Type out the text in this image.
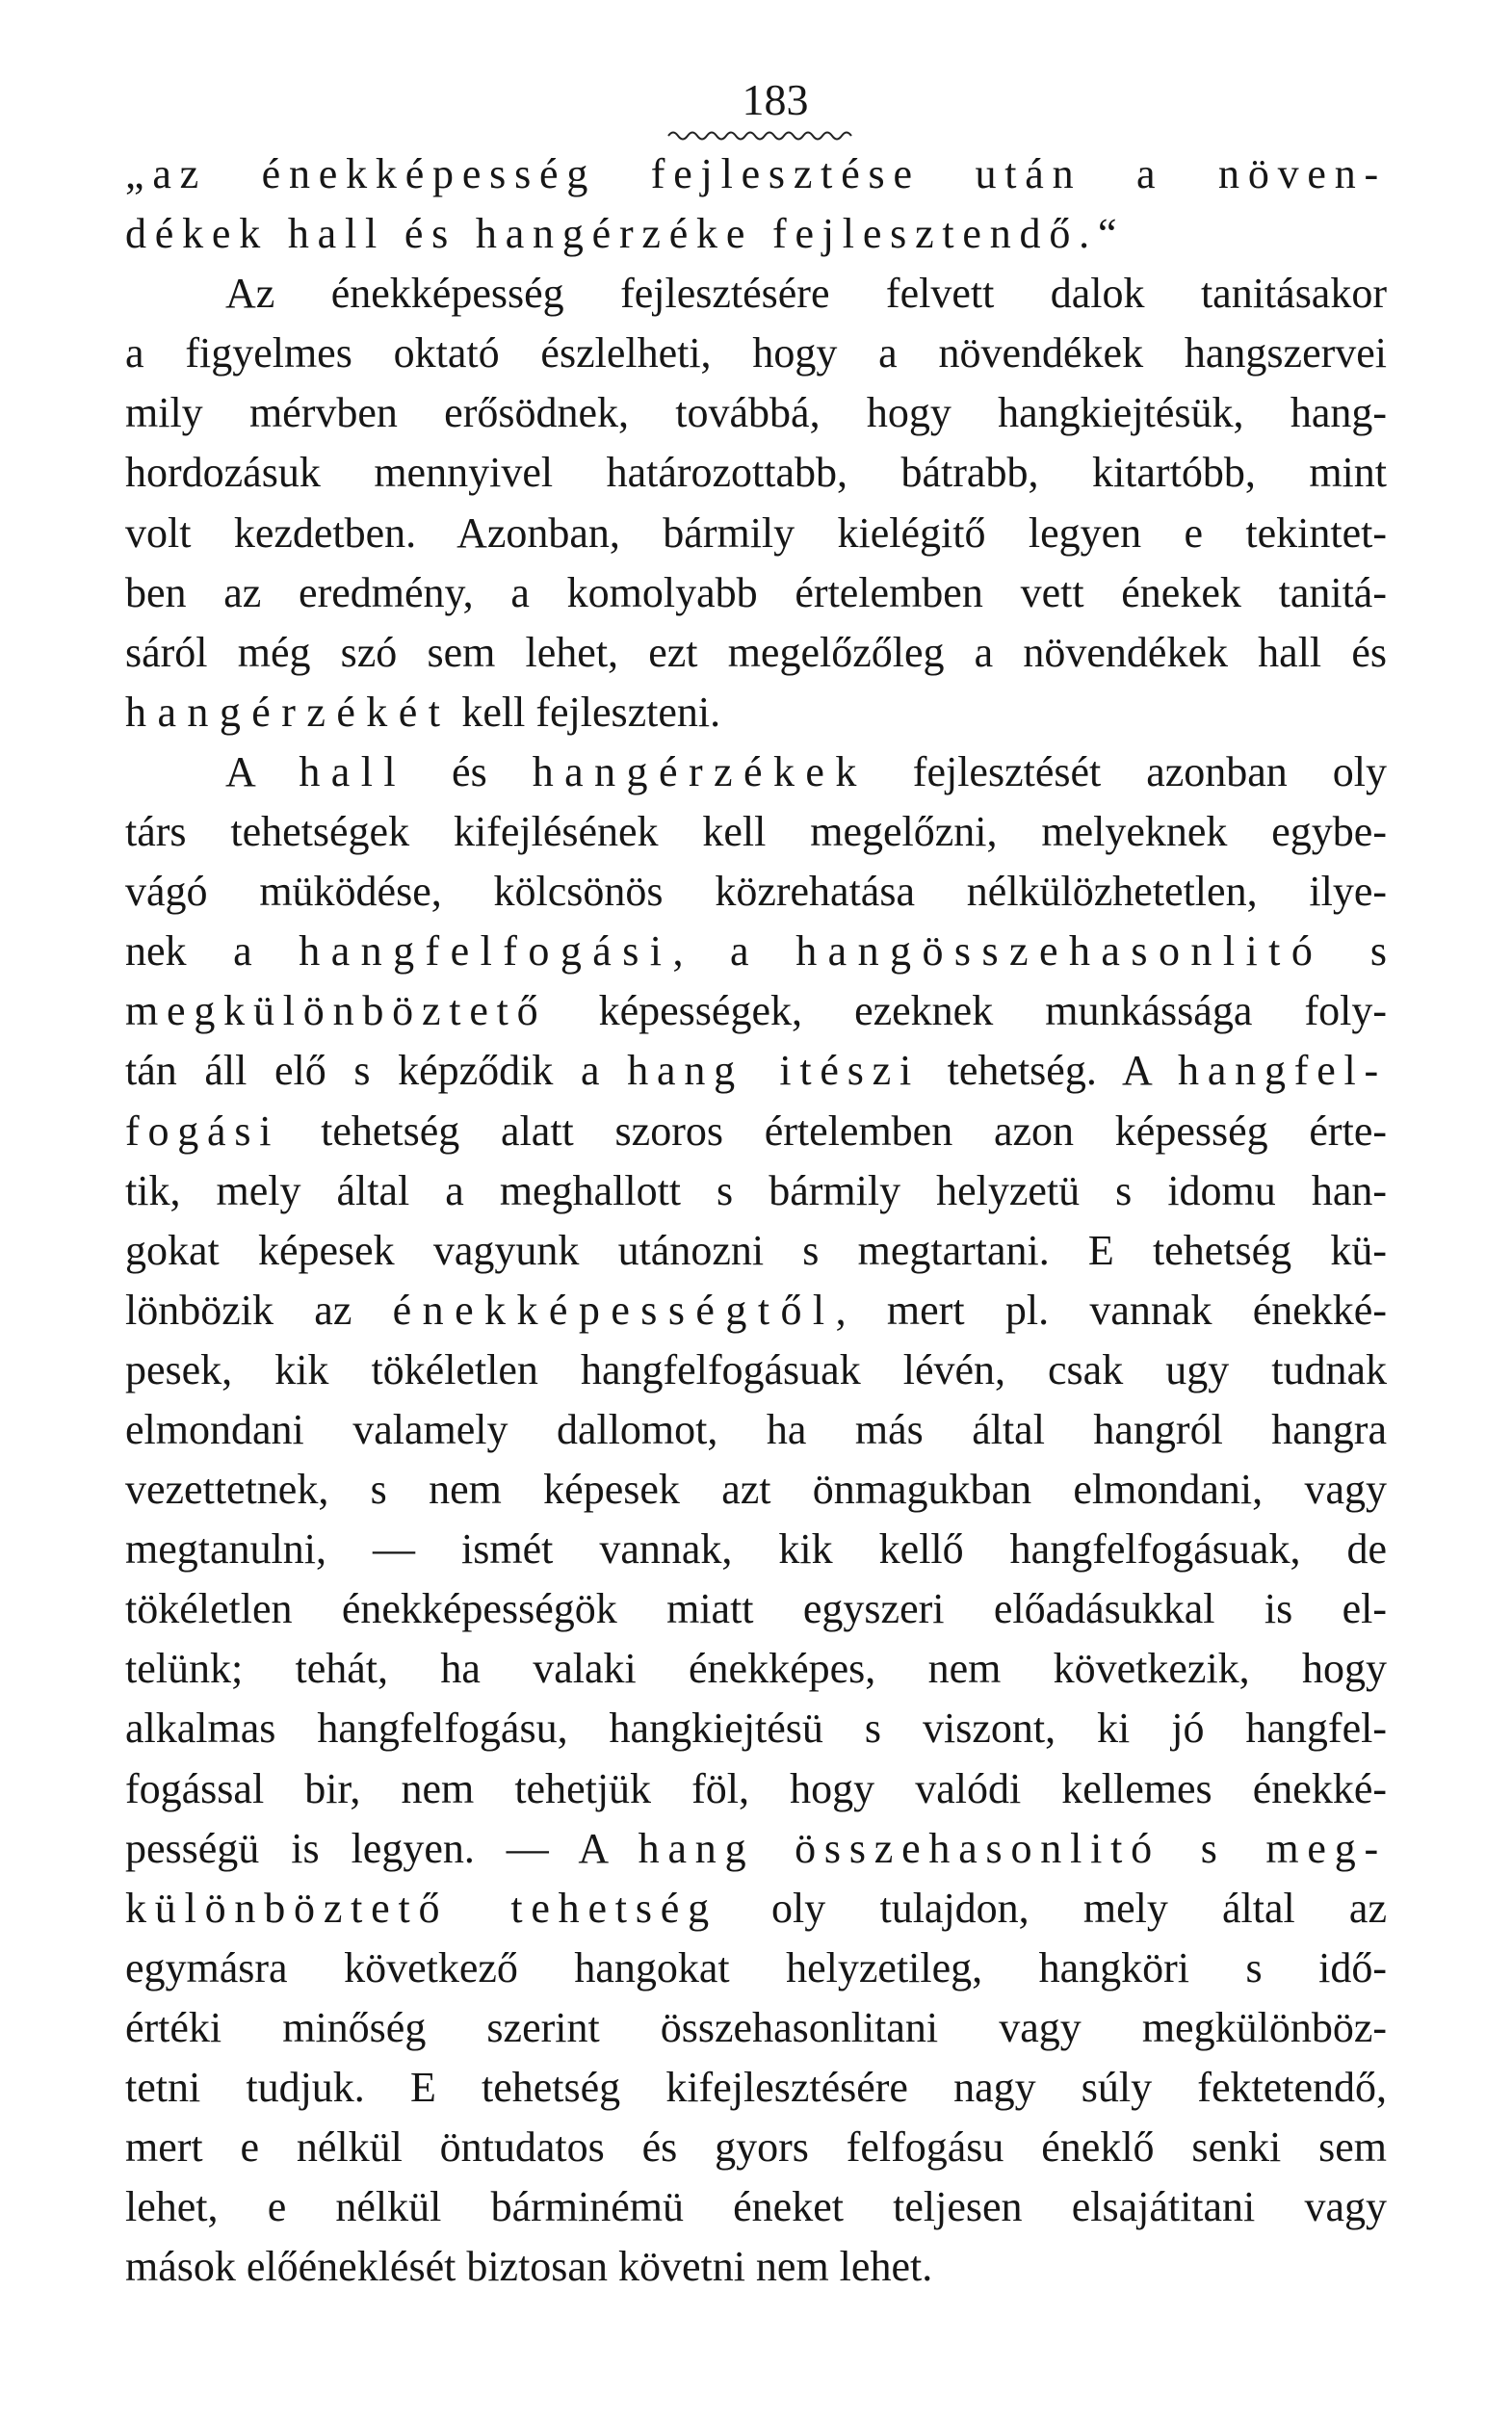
183
„az énekképesség fejlesztése után a növen-
dékek hall és hangérzéke fejlesztendő.“
Az énekképesség fejlesztésére felvett dalok tanitásakor
a figyelmes oktató észlelheti, hogy a növendékek hangszervei
mily mérvben erősödnek, továbbá, hogy hangkiejtésük, hang-
hordozásuk mennyivel határozottabb, bátrabb, kitartóbb, mint
volt kezdetben. Azonban, bármily kielégitő legyen e tekintet-
ben az eredmény, a komolyabb értelemben vett énekek tanitá-
sáról még szó sem lehet, ezt megelőzőleg a növendékek hall és
hangérzékét kell fejleszteni.
A hall és hangérzékek fejlesztését azonban oly
társ tehetségek kifejlésének kell megelőzni, melyeknek egybe-
vágó müködése, kölcsönös közrehatása nélkülözhetetlen, ilye-
nek a hangfelfogási, a hangösszehasonlitó s
megkülönböztető képességek, ezeknek munkássága foly-
tán áll elő s képződik a hang itészi tehetség. A hangfel-
fogási tehetség alatt szoros értelemben azon képesség érte-
tik, mely által a meghallott s bármily helyzetü s idomu han-
gokat képesek vagyunk utánozni s megtartani. E tehetség kü-
lönbözik az énekképességtől, mert pl. vannak énekké-
pesek, kik tökéletlen hangfelfogásuak lévén, csak ugy tudnak
elmondani valamely dallomot, ha más által hangról hangra
vezettetnek, s nem képesek azt önmagukban elmondani, vagy
megtanulni, — ismét vannak, kik kellő hangfelfogásuak, de
tökéletlen énekképességök miatt egyszeri előadásukkal is el-
telünk; tehát, ha valaki énekképes, nem következik, hogy
alkalmas hangfelfogásu, hangkiejtésü s viszont, ki jó hangfel-
fogással bir, nem tehetjük föl, hogy valódi kellemes énekké-
pességü is legyen. — A hang összehasonlitó s meg-
különböztető tehetség oly tulajdon, mely által az
egymásra következő hangokat helyzetileg, hangköri s idő-
értéki minőség szerint összehasonlitani vagy megkülönböz-
tetni tudjuk. E tehetség kifejlesztésére nagy súly fektetendő,
mert e nélkül öntudatos és gyors felfogásu éneklő senki sem
lehet, e nélkül bárminémü éneket teljesen elsajátitani vagy
mások előéneklését biztosan követni nem lehet.
